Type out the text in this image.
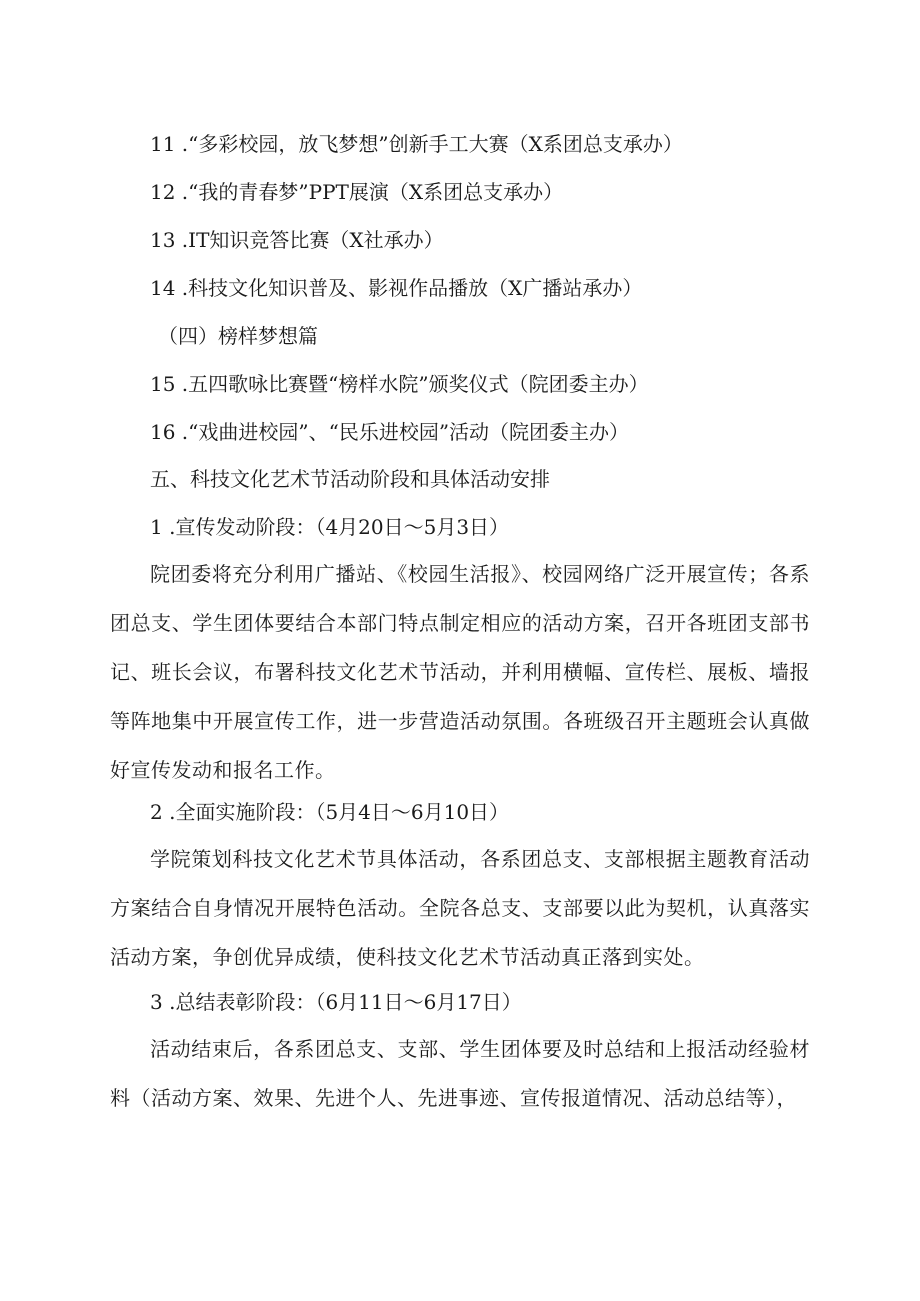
11 .“多彩校园，放飞梦想”创新手工大赛（X系团总支承办）
12 .“我的青春梦”PPT展演（X系团总支承办）
13 .IT知识竞答比赛（X社承办）
14 .科技文化知识普及、影视作品播放（X广播站承办）
（四）榜样梦想篇
15 .五四歌咏比赛暨“榜样水院”颁奖仪式（院团委主办）
16 .“戏曲进校园”、“民乐进校园”活动（院团委主办）
五、科技文化艺术节活动阶段和具体活动安排
1 .宣传发动阶段：（4月20日〜5月3日）
院团委将充分利用广播站、《校园生活报》、校园网络广泛开展宣传；各系团总支、学生团体要结合本部门特点制定相应的活动方案，召开各班团支部书记、班长会议，布署科技文化艺术节活动，并利用横幅、宣传栏、展板、墙报等阵地集中开展宣传工作，进一步营造活动氛围。各班级召开主题班会认真做好宣传发动和报名工作。
2 .全面实施阶段：（5月4日〜6月10日）
学院策划科技文化艺术节具体活动，各系团总支、支部根据主题教育活动方案结合自身情况开展特色活动。全院各总支、支部要以此为契机，认真落实活动方案，争创优异成绩，使科技文化艺术节活动真正落到实处。
3 .总结表彰阶段：（6月11日〜6月17日）
活动结束后，各系团总支、支部、学生团体要及时总结和上报活动经验材料（活动方案、效果、先进个人、先进事迹、宣传报道情况、活动总结等），
